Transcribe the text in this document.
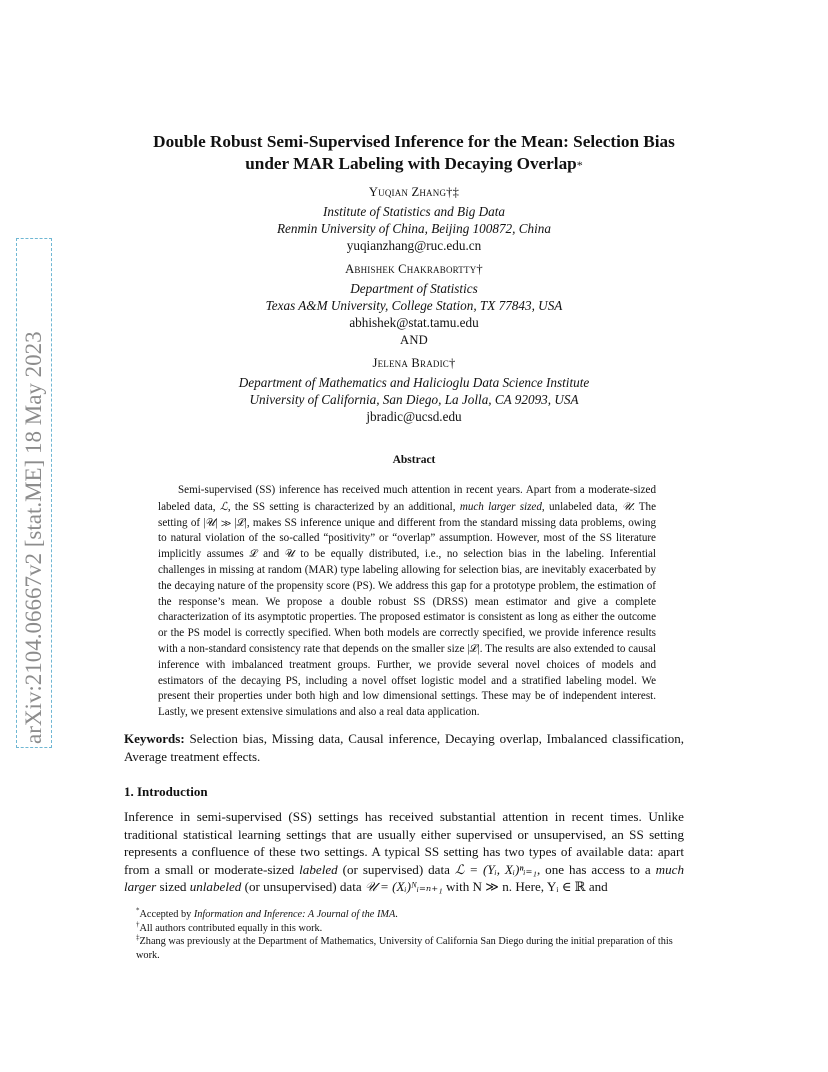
arXiv:2104.06667v2 [stat.ME] 18 May 2023
Double Robust Semi-Supervised Inference for the Mean: Selection Bias
under MAR Labeling with Decaying Overlap*
Yuqian Zhang†‡
Institute of Statistics and Big Data
Renmin University of China, Beijing 100872, China
yuqianzhang@ruc.edu.cn
Abhishek Chakrabortty†
Department of Statistics
Texas A&M University, College Station, TX 77843, USA
abhishek@stat.tamu.edu
AND
Jelena Bradic†
Department of Mathematics and Halicioglu Data Science Institute
University of California, San Diego, La Jolla, CA 92093, USA
jbradic@ucsd.edu
Abstract

Semi-supervised (SS) inference has received much attention in recent years. Apart from a moderate-sized labeled data, ℒ, the SS setting is characterized by an additional, much larger sized, unlabeled data, 𝒰. The setting of |𝒰| ≫ |ℒ|, makes SS inference unique and different from the standard missing data problems, owing to natural violation of the so-called “positivity” or “overlap” assumption. However, most of the SS literature implicitly assumes ℒ and 𝒰 to be equally distributed, i.e., no selection bias in the labeling. Inferential challenges in missing at random (MAR) type labeling allowing for selection bias, are inevitably exacerbated by the decaying nature of the propensity score (PS). We address this gap for a prototype problem, the estimation of the response’s mean. We propose a double robust SS (DRSS) mean estimator and give a complete characterization of its asymptotic properties. The proposed estimator is consistent as long as either the outcome or the PS model is correctly specified. When both models are correctly specified, we provide inference results with a non-standard consistency rate that depends on the smaller size |ℒ|. The results are also extended to causal inference with imbalanced treatment groups. Further, we provide several novel choices of models and estimators of the decaying PS, including a novel offset logistic model and a stratified labeling model. We present their properties under both high and low dimensional settings. These may be of independent interest. Lastly, we present extensive simulations and also a real data application.

Keywords: Selection bias, Missing data, Causal inference, Decaying overlap, Imbalanced classification, Average treatment effects.
1. Introduction

Inference in semi-supervised (SS) settings has received substantial attention in recent times. Unlike traditional statistical learning settings that are usually either supervised or unsupervised, an SS setting represents a confluence of these two settings. A typical SS setting has two types of available data: apart from a small or moderate-sized labeled (or supervised) data ℒ = (Yᵢ, Xᵢ)ⁿᵢ₌₁, one has access to a much larger sized unlabeled (or unsupervised) data 𝒰 = (Xᵢ)ᴺᵢ₌ₙ₊₁ with N ≫ n. Here, Yᵢ ∈ ℝ and

*Accepted by Information and Inference: A Journal of the IMA.
†All authors contributed equally in this work.
‡Zhang was previously at the Department of Mathematics, University of California San Diego during the initial preparation of this work.
